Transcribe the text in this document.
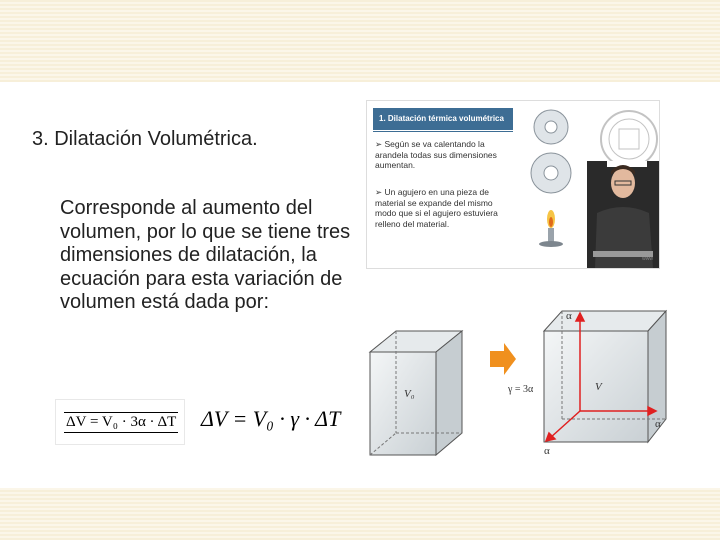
3. Dilatación Volumétrica.
Corresponde al aumento del volumen, por lo que se tiene tres dimensiones de dilatación, la ecuación para esta variación de volumen está dada por:
1. Dilatación térmica volumétrica
➢ Según se va calentando la arandela todas sus dimensiones aumentan.
➢ Un agujero en una pieza de material se expande del mismo modo que si el agujero estuviera relleno del material.
www
ΔV = V₀ · 3α · ΔT ΔV = V₀ · γ · ΔT
V₀	γ = 3α	V
α
α
α
